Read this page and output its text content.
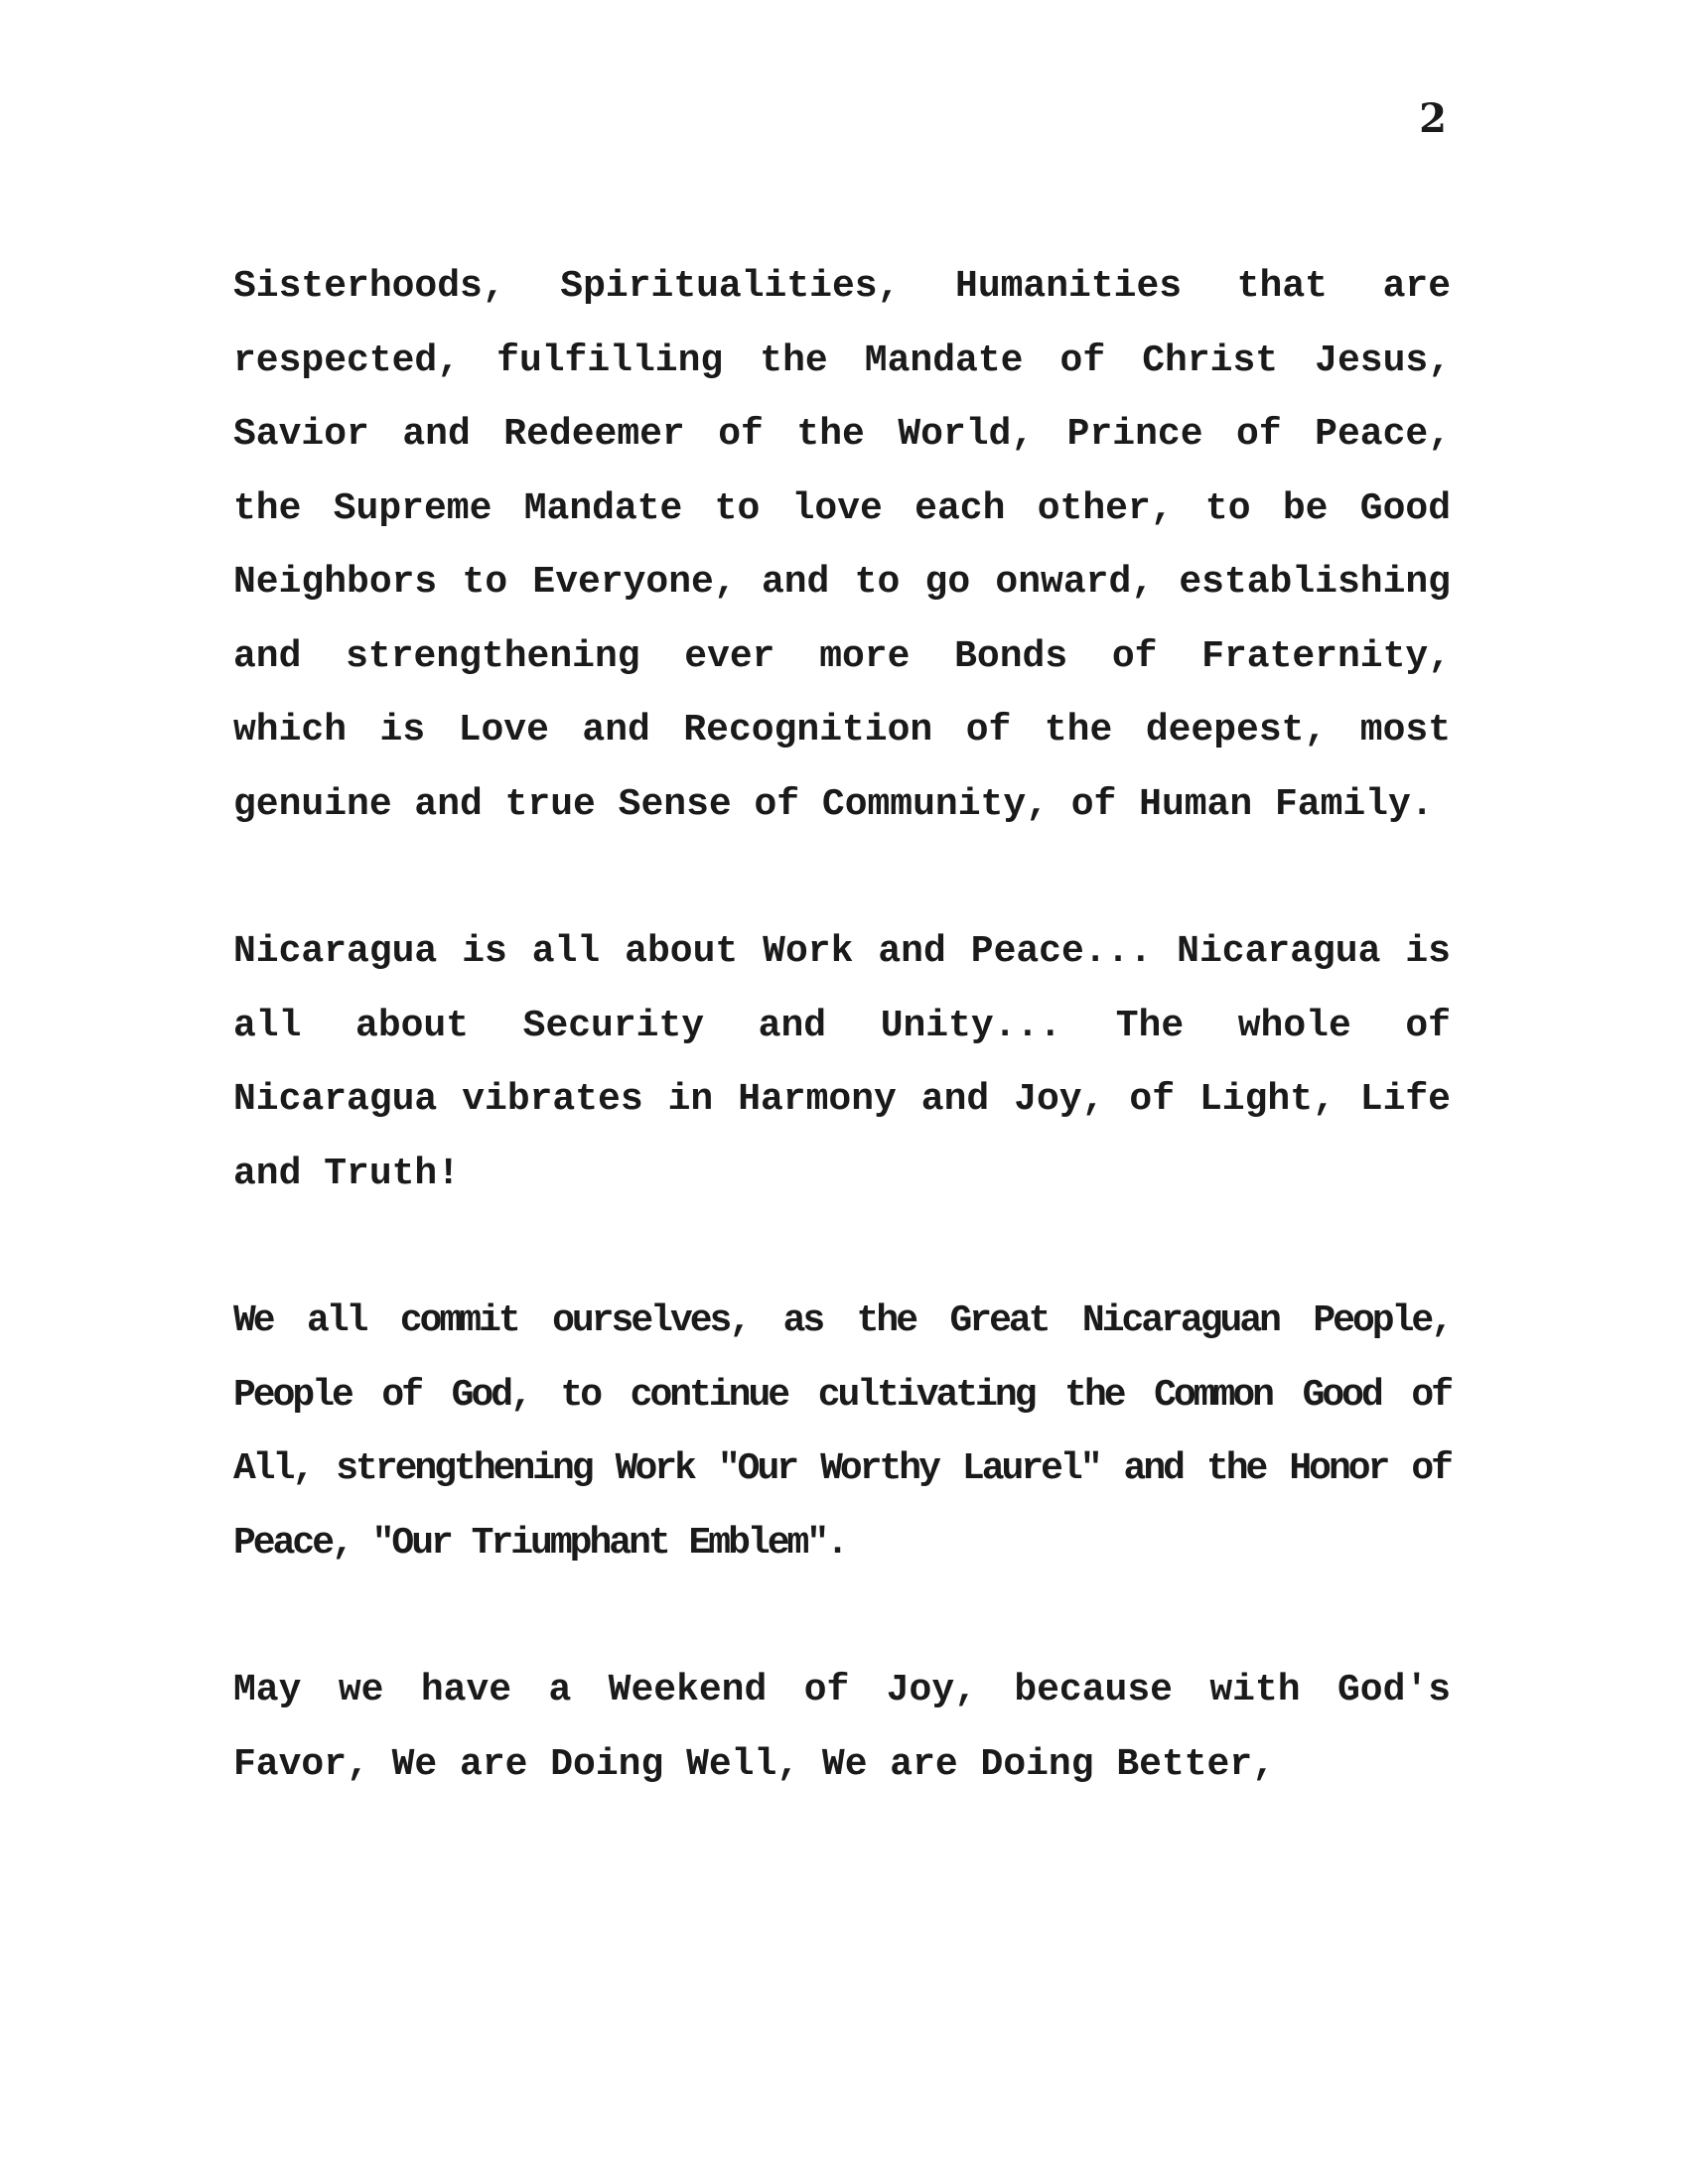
2

Sisterhoods, Spiritualities, Humanities that are respected, fulfilling the Mandate of Christ Jesus, Savior and Redeemer of the World, Prince of Peace, the Supreme Mandate to love each other, to be Good Neighbors to Everyone, and to go onward, establishing and strengthening ever more Bonds of Fraternity, which is Love and Recognition of the deepest, most genuine and true Sense of Community, of Human Family.

Nicaragua is all about Work and Peace... Nicaragua is all about Security and Unity... The whole of Nicaragua vibrates in Harmony and Joy, of Light, Life and Truth!

We all commit ourselves, as the Great Nicaraguan People, People of God, to continue cultivating the Common Good of All, strengthening Work "Our Worthy Laurel" and the Honor of Peace, "Our Triumphant Emblem".

May we have a Weekend of Joy, because with God's Favor, We are Doing Well, We are Doing Better,
